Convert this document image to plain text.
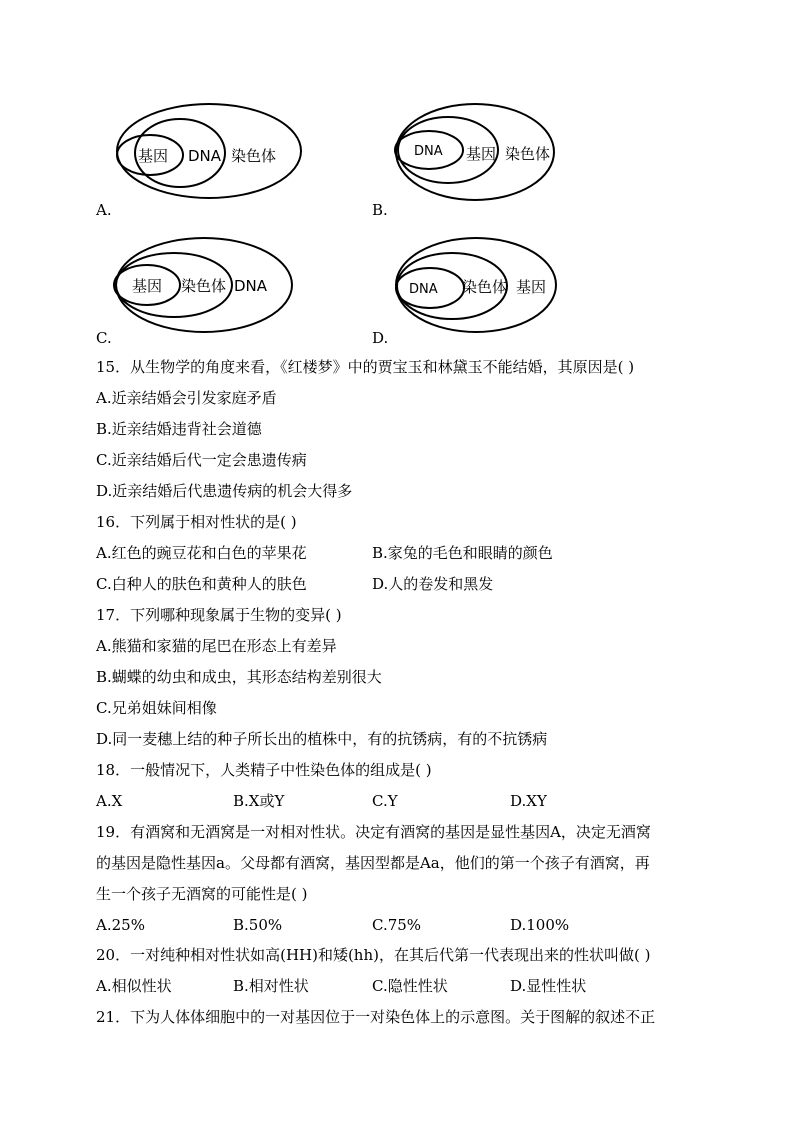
基因 DNA 染色体
A.
DNA 基因 染色体
B.
基因 染色体 DNA
C.
DNA 染色体 基因
D.
15．从生物学的角度来看，《红楼梦》中的贾宝玉和林黛玉不能结婚，其原因是( )
A.近亲结婚会引发家庭矛盾
B.近亲结婚违背社会道德
C.近亲结婚后代一定会患遗传病
D.近亲结婚后代患遗传病的机会大得多
16．下列属于相对性状的是( )
A.红色的豌豆花和白色的苹果花	B.家兔的毛色和眼睛的颜色
C.白种人的肤色和黄种人的肤色	D.人的卷发和黑发
17．下列哪种现象属于生物的变异( )
A.熊猫和家猫的尾巴在形态上有差异
B.蝴蝶的幼虫和成虫，其形态结构差别很大
C.兄弟姐妹间相像
D.同一麦穗上结的种子所长出的植株中，有的抗锈病，有的不抗锈病
18．一般情况下，人类精子中性染色体的组成是( )
A.X	B.X或Y	C.Y	D.XY
19．有酒窝和无酒窝是一对相对性状。决定有酒窝的基因是显性基因A，决定无酒窝
的基因是隐性基因a。父母都有酒窝，基因型都是Aa，他们的第一个孩子有酒窝，再
生一个孩子无酒窝的可能性是( )
A.25%	B.50%	C.75%	D.100%
20．一对纯种相对性状如高(HH)和矮(hh)，在其后代第一代表现出来的性状叫做( )
A.相似性状	B.相对性状	C.隐性性状	D.显性性状
21．下为人体体细胞中的一对基因位于一对染色体上的示意图。关于图解的叙述不正
